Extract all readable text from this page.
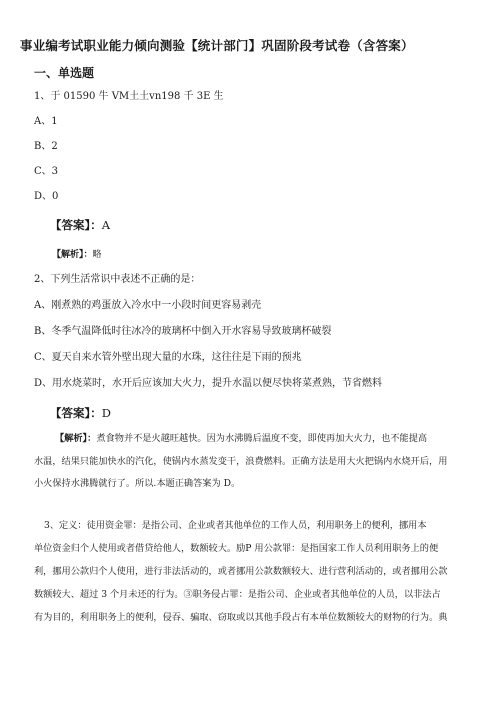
事业编考试职业能力倾向测验【统计部门】巩固阶段考试卷（含答案）
一、单选题
1、于 01590 牛 VM土土vn198 千 3E 生
A、1
B、2
C、3
D、0
【答案】：A
【解析】：略
2、下列生活常识中表述不正确的是：
A、刚煮熟的鸡蛋放入冷水中一小段时间更容易剥壳
B、冬季气温降低时往冰冷的玻璃杯中倒入开水容易导致玻璃杯破裂
C、夏天自来水管外壁出现大量的水珠，这往往是下雨的预兆
D、用水烧菜时，水开后应该加大火力，提升水温以便尽快将菜煮熟，节省燃料
【答案】：D
【解析】：煮食物并不是火越旺越快。因为水沸腾后温度不变，即使再加大火力，也不能提高
水温，结果只能加快水的汽化，使锅内水蒸发变干，浪费燃料。正确方法是用大火把锅内水烧开后，用
小火保持水沸腾就行了。所以.本题正确答案为 D。
3、定义：徒用资金罪：是指公司、企业或者其他单位的工作人员，利用职务上的便利，挪用本
单位资金归个人使用或者借贷给他人，数额较大。励P 用公款罪：是指国家工作人员利用职务上的便
利，挪用公款归个人使用，进行非法活动的，或者挪用公款数额较大、进行营利活动的，或者挪用公款
数额较大、超过 3 个月未还的行为。③职务侵占罪：是指公司、企业或者其他单位的人员，以非法占
有为目的，利用职务上的便利，侵吞、骗取、窃取或以其他手段占有本单位数额较大的财物的行为。典
